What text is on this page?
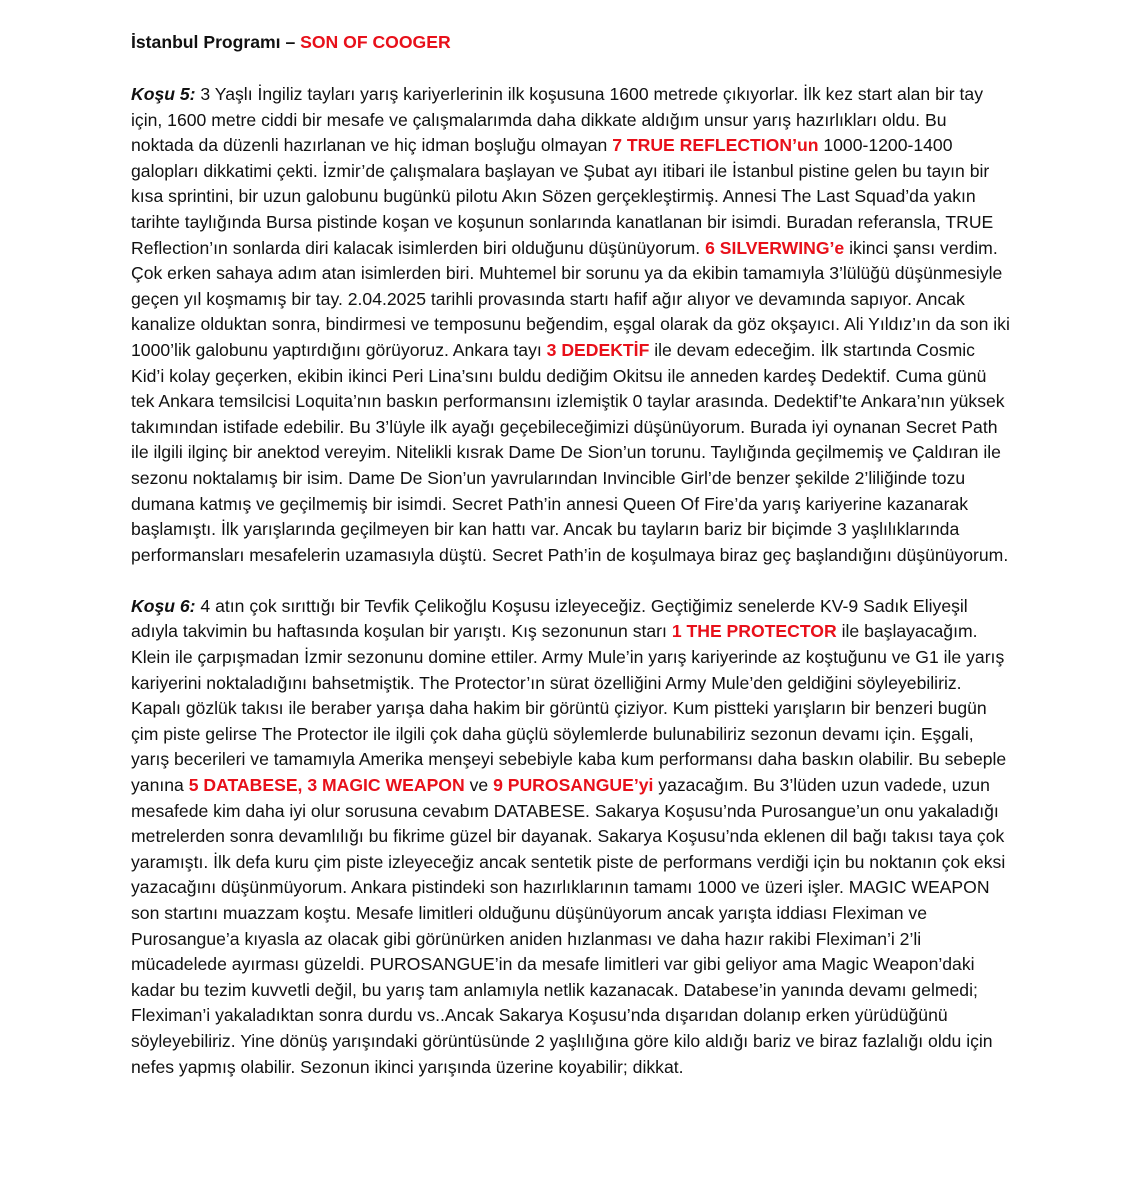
İstanbul Programı – SON OF COOGER

Koşu 5: 3 Yaşlı İngiliz tayları yarış kariyerlerinin ilk koşusuna 1600 metrede çıkıyorlar. İlk kez start alan bir tay için, 1600 metre ciddi bir mesafe ve çalışmalarımda daha dikkate aldığım unsur yarış hazırlıkları oldu. Bu noktada da düzenli hazırlanan ve hiç idman boşluğu olmayan 7 TRUE REFLECTION’un 1000-1200-1400 galopları dikkatimi çekti. İzmir’de çalışmalara başlayan ve Şubat ayı itibari ile İstanbul pistine gelen bu tayın bir kısa sprintini, bir uzun galobunu bugünkü pilotu Akın Sözen gerçekleştirmiş. Annesi The Last Squad’da yakın tarihte taylığında Bursa pistinde koşan ve koşunun sonlarında kanatlanan bir isimdi. Buradan referansla, TRUE Reflection’ın sonlarda diri kalacak isimlerden biri olduğunu düşünüyorum. 6 SILVERWING’e ikinci şansı verdim. Çok erken sahaya adım atan isimlerden biri. Muhtemel bir sorunu ya da ekibin tamamıyla 3’lülüğü düşünmesiyle geçen yıl koşmamış bir tay. 2.04.2025 tarihli provasında startı hafif ağır alıyor ve devamında sapıyor. Ancak kanalize olduktan sonra, bindirmesi ve temposunu beğendim, eşgal olarak da göz okşayıcı. Ali Yıldız’ın da son iki 1000’lik galobunu yaptırdığını görüyoruz. Ankara tayı 3 DEDEKTİF ile devam edeceğim. İlk startında Cosmic Kid’i kolay geçerken, ekibin ikinci Peri Lina’sını buldu dediğim Okitsu ile anneden kardeş Dedektif. Cuma günü tek Ankara temsilcisi Loquita’nın baskın performansını izlemiştik 0 taylar arasında. Dedektif’te Ankara’nın yüksek takımından istifade edebilir. Bu 3’lüyle ilk ayağı geçebileceğimizi düşünüyorum. Burada iyi oynanan Secret Path ile ilgili ilginç bir anektod vereyim. Nitelikli kısrak Dame De Sion’un torunu. Taylığında geçilmemiş ve Çaldıran ile sezonu noktalamış bir isim. Dame De Sion’un yavrularından Invincible Girl’de benzer şekilde 2’liliğinde tozu dumana katmış ve geçilmemiş bir isimdi. Secret Path’in annesi Queen Of Fire’da yarış kariyerine kazanarak başlamıştı. İlk yarışlarında geçilmeyen bir kan hattı var. Ancak bu tayların bariz bir biçimde 3 yaşlılıklarında performansları mesafelerin uzamasıyla düştü. Secret Path’in de koşulmaya biraz geç başlandığını düşünüyorum.

Koşu 6: 4 atın çok sırıttığı bir Tevfik Çelikoğlu Koşusu izleyeceğiz. Geçtiğimiz senelerde KV-9 Sadık Eliyeşil adıyla takvimin bu haftasında koşulan bir yarıştı. Kış sezonunun starı 1 THE PROTECTOR ile başlayacağım. Klein ile çarpışmadan İzmir sezonunu domine ettiler. Army Mule’in yarış kariyerinde az koştuğunu ve G1 ile yarış kariyerini noktaladığını bahsetmiştik. The Protector’ın sürat özelliğini Army Mule’den geldiğini söyleyebiliriz. Kapalı gözlük takısı ile beraber yarışa daha hakim bir görüntü çiziyor. Kum pistteki yarışların bir benzeri bugün çim piste gelirse The Protector ile ilgili çok daha güçlü söylemlerde bulunabiliriz sezonun devamı için. Eşgali, yarış becerileri ve tamamıyla Amerika menşeyi sebebiyle kaba kum performansı daha baskın olabilir. Bu sebeple yanına 5 DATABESE, 3 MAGIC WEAPON ve 9 PUROSANGUE’yi yazacağım. Bu 3’lüden uzun vadede, uzun mesafede kim daha iyi olur sorusuna cevabım DATABESE. Sakarya Koşusu’nda Purosangue’un onu yakaladığı metrelerden sonra devamlılığı bu fikrime güzel bir dayanak. Sakarya Koşusu’nda eklenen dil bağı takısı taya çok yaramıştı. İlk defa kuru çim piste izleyeceğiz ancak sentetik piste de performans verdiği için bu noktanın çok eksi yazacağını düşünmüyorum. Ankara pistindeki son hazırlıklarının tamamı 1000 ve üzeri işler. MAGIC WEAPON son startını muazzam koştu. Mesafe limitleri olduğunu düşünüyorum ancak yarışta iddiası Fleximan ve Purosangue’a kıyasla az olacak gibi görünürken aniden hızlanması ve daha hazır rakibi Fleximan’i 2’li mücadelede ayırması güzeldi. PUROSANGUE’in da mesafe limitleri var gibi geliyor ama Magic Weapon’daki kadar bu tezim kuvvetli değil, bu yarış tam anlamıyla netlik kazanacak. Databese’in yanında devamı gelmedi; Fleximan’i yakaladıktan sonra durdu vs..Ancak Sakarya Koşusu’nda dışarıdan dolanıp erken yürüdüğünü söyleyebiliriz. Yine dönüş yarışındaki görüntüsünde 2 yaşlılığına göre kilo aldığı bariz ve biraz fazlalığı oldu için nefes yapmış olabilir. Sezonun ikinci yarışında üzerine koyabilir; dikkat.
